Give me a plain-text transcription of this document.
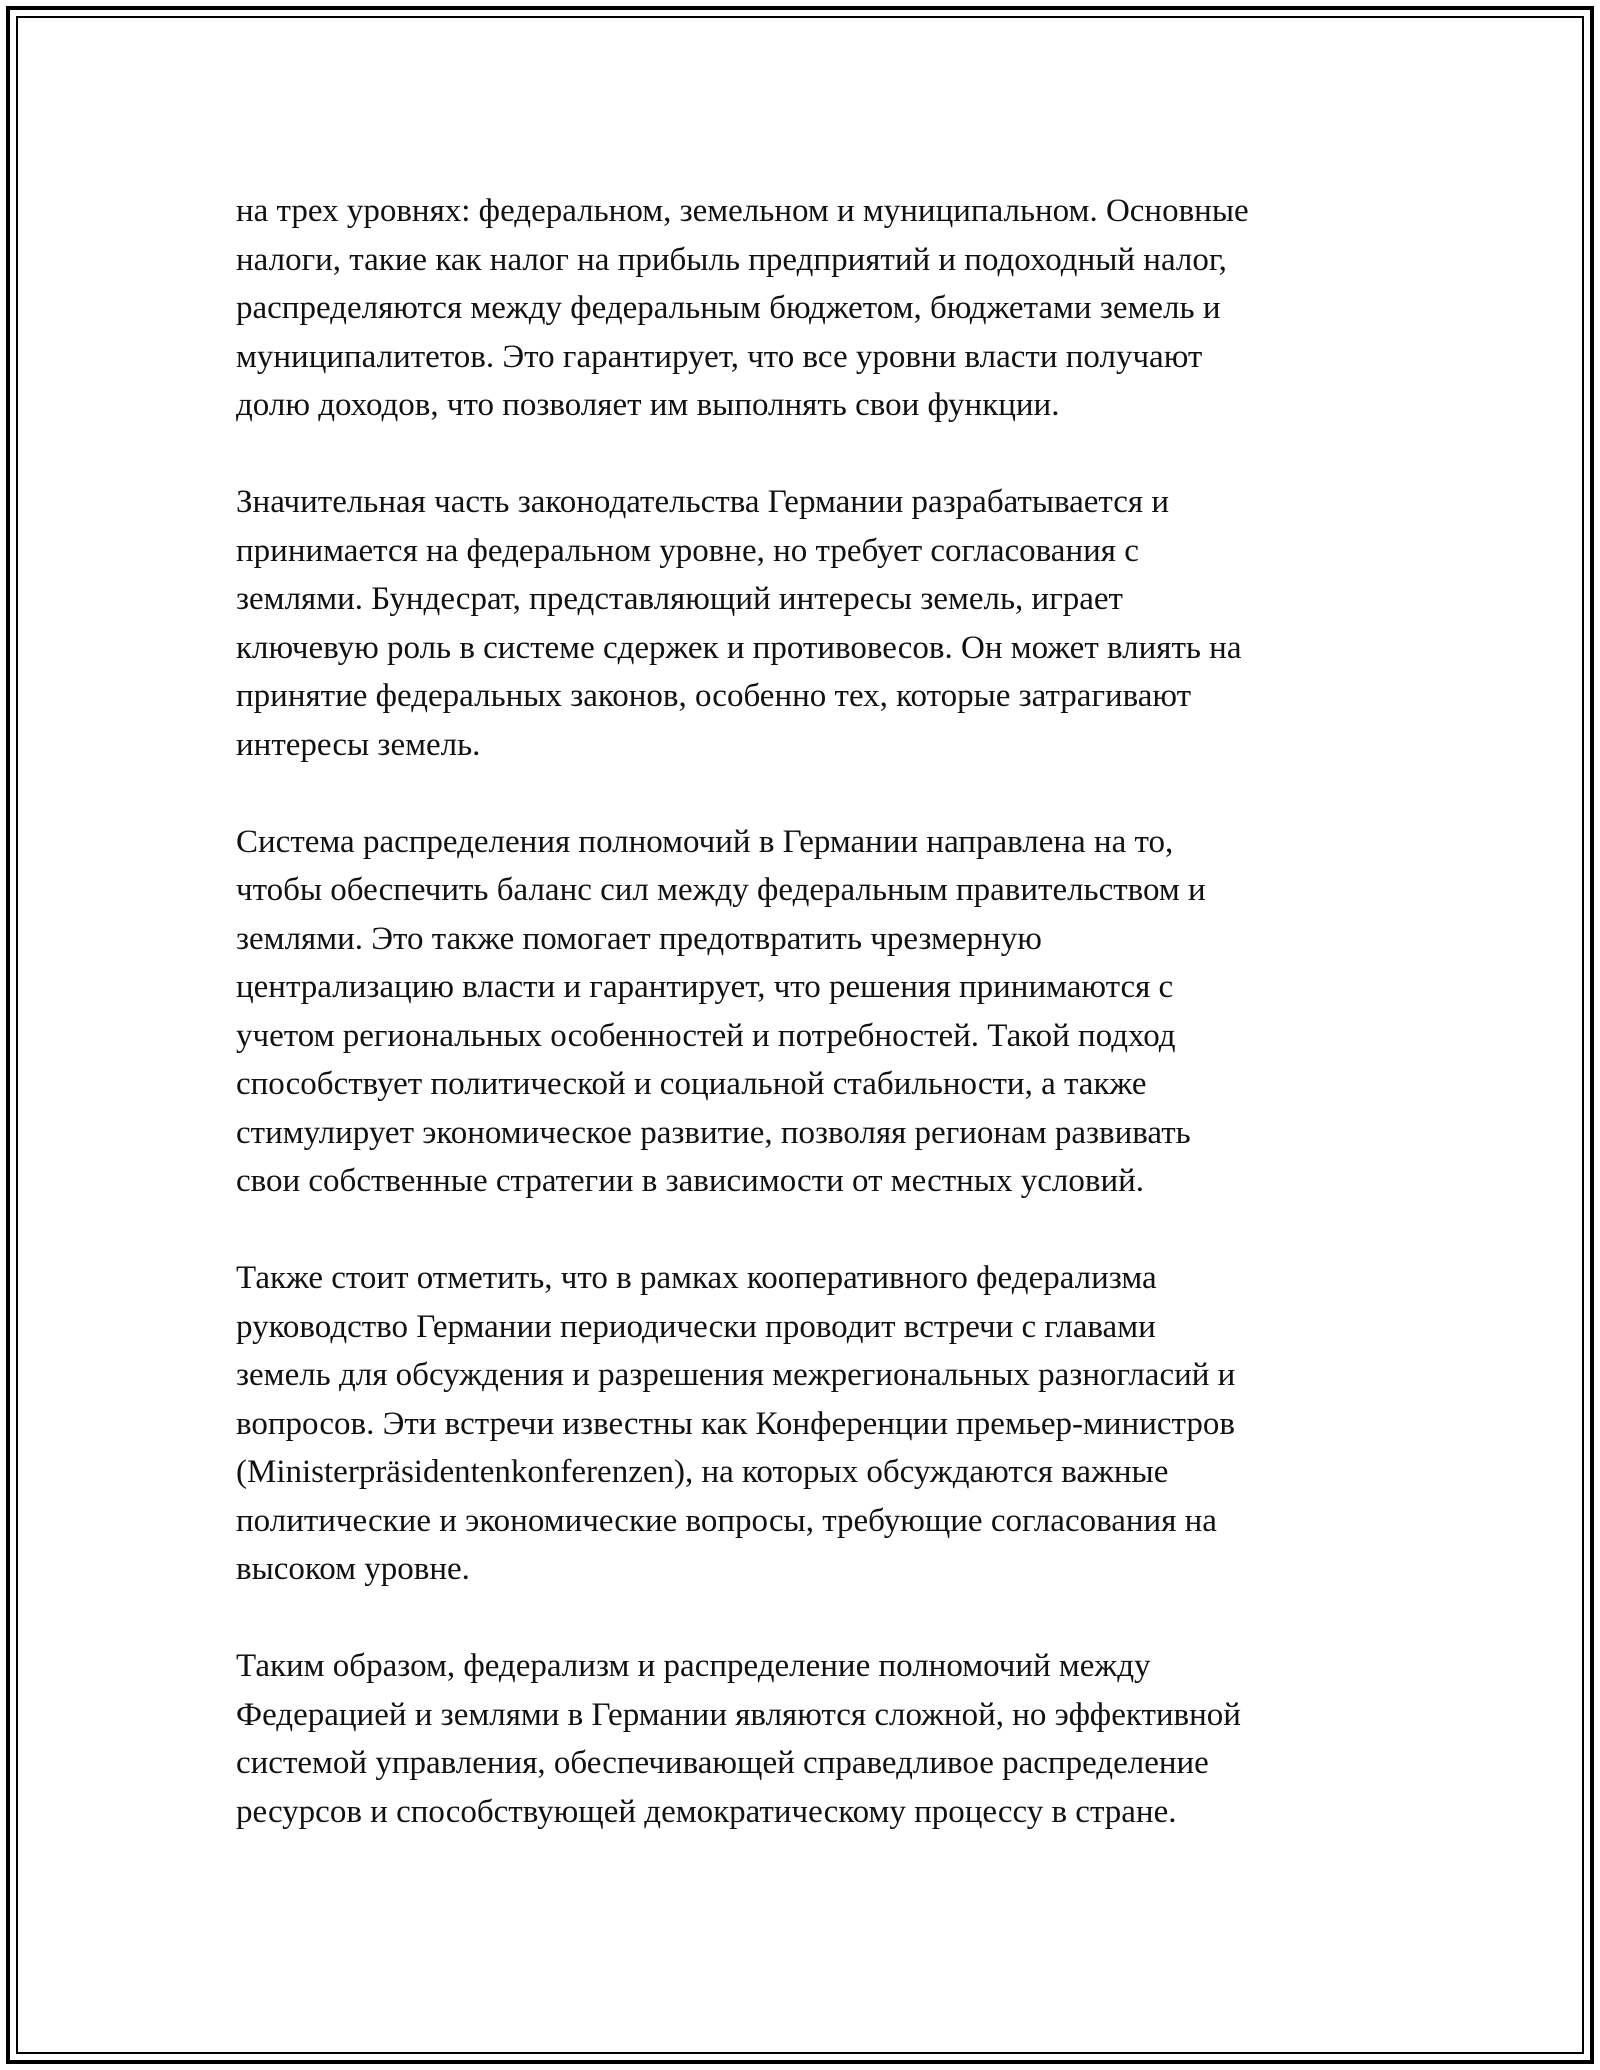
на трех уровнях: федеральном, земельном и муниципальном. Основные
налоги, такие как налог на прибыль предприятий и подоходный налог,
распределяются между федеральным бюджетом, бюджетами земель и
муниципалитетов. Это гарантирует, что все уровни власти получают
долю доходов, что позволяет им выполнять свои функции.

Значительная часть законодательства Германии разрабатывается и
принимается на федеральном уровне, но требует согласования с
землями. Бундесрат, представляющий интересы земель, играет
ключевую роль в системе сдержек и противовесов. Он может влиять на
принятие федеральных законов, особенно тех, которые затрагивают
интересы земель.

Система распределения полномочий в Германии направлена на то,
чтобы обеспечить баланс сил между федеральным правительством и
землями. Это также помогает предотвратить чрезмерную
централизацию власти и гарантирует, что решения принимаются с
учетом региональных особенностей и потребностей. Такой подход
способствует политической и социальной стабильности, а также
стимулирует экономическое развитие, позволяя регионам развивать
свои собственные стратегии в зависимости от местных условий.

Также стоит отметить, что в рамках кооперативного федерализма
руководство Германии периодически проводит встречи с главами
земель для обсуждения и разрешения межрегиональных разногласий и
вопросов. Эти встречи известны как Конференции премьер-министров
(Ministerpräsidentenkonferenzen), на которых обсуждаются важные
политические и экономические вопросы, требующие согласования на
высоком уровне.

Таким образом, федерализм и распределение полномочий между
Федерацией и землями в Германии являются сложной, но эффективной
системой управления, обеспечивающей справедливое распределение
ресурсов и способствующей демократическому процессу в стране.
